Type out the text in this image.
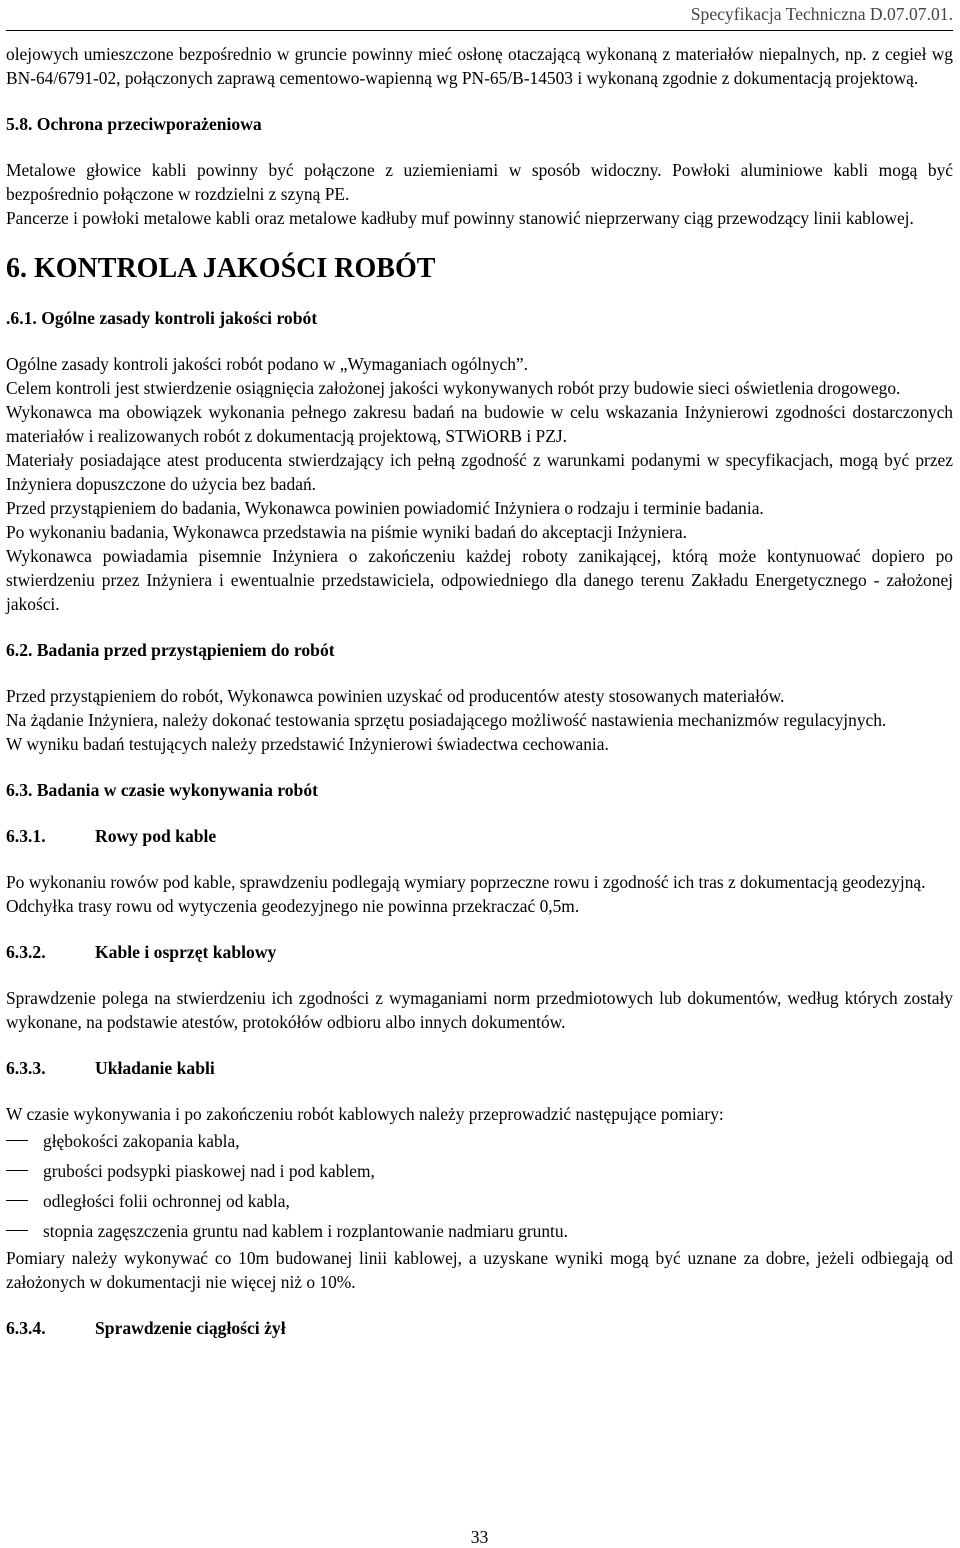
Specyfikacja Techniczna D.07.07.01.

olejowych umieszczone bezpośrednio w gruncie powinny mieć osłonę otaczającą wykonaną z materiałów niepalnych, np. z cegieł wg BN-64/6791-02, połączonych zaprawą cementowo-wapienną wg PN-65/B-14503 i wykonaną zgodnie z dokumentacją projektową.

5.8. Ochrona przeciwporażeniowa

Metalowe głowice kabli powinny być połączone z uziemieniami w sposób widoczny. Powłoki aluminiowe kabli mogą być bezpośrednio połączone w rozdzielni z szyną PE.

Pancerze i powłoki metalowe kabli oraz metalowe kadłuby muf powinny stanowić nieprzerwany ciąg przewodzący linii kablowej.

6. KONTROLA JAKOŚCI ROBÓT
.6.1. Ogólne zasady kontroli jakości robót

Ogólne zasady kontroli jakości robót podano w „Wymaganiach ogólnych”.

Celem kontroli jest stwierdzenie osiągnięcia założonej jakości wykonywanych robót przy budowie sieci oświetlenia drogowego.

Wykonawca ma obowiązek wykonania pełnego zakresu badań na budowie w celu wskazania Inżynierowi zgodności dostarczonych materiałów i realizowanych robót z dokumentacją projektową, STWiORB i PZJ.

Materiały posiadające atest producenta stwierdzający ich pełną zgodność z warunkami podanymi w specyfikacjach, mogą być przez Inżyniera dopuszczone do użycia bez badań.

Przed przystąpieniem do badania, Wykonawca powinien powiadomić Inżyniera o rodzaju i terminie badania.

Po wykonaniu badania, Wykonawca przedstawia na piśmie wyniki badań do akceptacji Inżyniera.

Wykonawca powiadamia pisemnie Inżyniera o zakończeniu każdej roboty zanikającej, którą może kontynuować dopiero po stwierdzeniu przez Inżyniera i ewentualnie przedstawiciela, odpowiedniego dla danego terenu Zakładu Energetycznego - założonej jakości.

6.2. Badania przed przystąpieniem do robót

Przed przystąpieniem do robót, Wykonawca powinien uzyskać od producentów atesty stosowanych materiałów.

Na żądanie Inżyniera, należy dokonać testowania sprzętu posiadającego możliwość nastawienia mechanizmów regulacyjnych.

W wyniku badań testujących należy przedstawić Inżynierowi świadectwa cechowania.

6.3. Badania w czasie wykonywania robót
6.3.1.	Rowy pod kable

Po wykonaniu rowów pod kable, sprawdzeniu podlegają wymiary poprzeczne rowu i zgodność ich tras z dokumentacją geodezyjną.

Odchyłka trasy rowu od wytyczenia geodezyjnego nie powinna przekraczać 0,5m.

6.3.2.	Kable i osprzęt kablowy

Sprawdzenie polega na stwierdzeniu ich zgodności z wymaganiami norm przedmiotowych lub dokumentów, według których zostały wykonane, na podstawie atestów, protokółów odbioru albo innych dokumentów.

6.3.3.	Układanie kabli

W czasie wykonywania i po zakończeniu robót kablowych należy przeprowadzić następujące pomiary:

głębokości zakopania kabla,
grubości podsypki piaskowej nad i pod kablem,
odległości folii ochronnej od kabla,
stopnia zagęszczenia gruntu nad kablem i rozplantowanie nadmiaru gruntu.

Pomiary należy wykonywać co 10m budowanej linii kablowej, a uzyskane wyniki mogą być uznane za dobre, jeżeli odbiegają od założonych w dokumentacji nie więcej niż o 10%.

6.3.4.	Sprawdzenie ciągłości żył
33
